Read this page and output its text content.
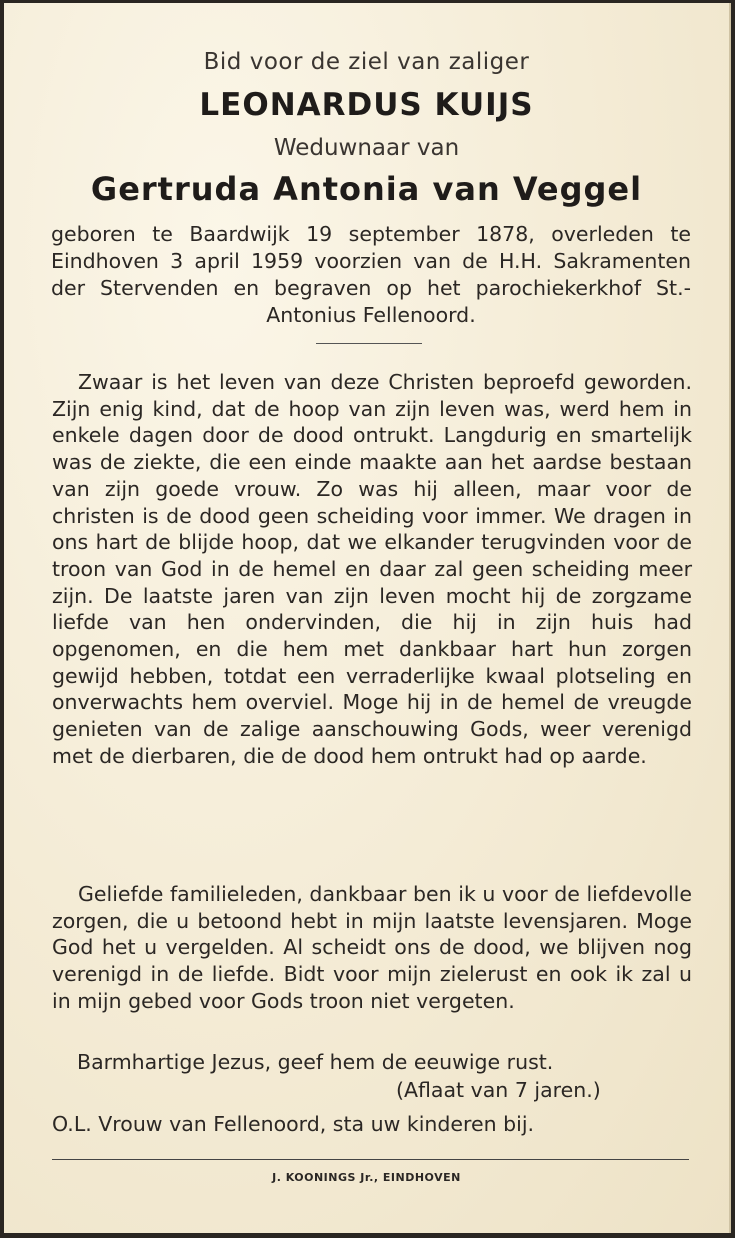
Bid voor de ziel van zaliger

LEONARDUS KUIJS

Weduwnaar van

Gertruda Antonia van Veggel

geboren te Baardwijk 19 september 1878, overleden te Eindhoven 3 april 1959 voorzien van de H.H. Sakramenten der Stervenden en begraven op het parochiekerkhof St.-Antonius Fellenoord.

Zwaar is het leven van deze Christen beproefd geworden. Zijn enig kind, dat de hoop van zijn leven was, werd hem in enkele dagen door de dood ontrukt. Langdurig en smartelijk was de ziekte, die een einde maakte aan het aardse bestaan van zijn goede vrouw. Zo was hij alleen, maar voor de christen is de dood geen scheiding voor immer. We dragen in ons hart de blijde hoop, dat we elkander terugvinden voor de troon van God in de hemel en daar zal geen scheiding meer zijn. De laatste jaren van zijn leven mocht hij de zorgzame liefde van hen ondervinden, die hij in zijn huis had opgenomen, en die hem met dankbaar hart hun zorgen gewijd hebben, totdat een verraderlijke kwaal plotseling en onverwachts hem overviel. Moge hij in de hemel de vreugde genieten van de zalige aanschouwing Gods, weer verenigd met de dierbaren, die de dood hem ontrukt had op aarde.

Geliefde familieleden, dankbaar ben ik u voor de liefdevolle zorgen, die u betoond hebt in mijn laatste levensjaren. Moge God het u vergelden. Al scheidt ons de dood, we blijven nog verenigd in de liefde. Bidt voor mijn zielerust en ook ik zal u in mijn gebed voor Gods troon niet vergeten.

Barmhartige Jezus, geef hem de eeuwige rust.

(Aflaat van 7 jaren.)

O.L. Vrouw van Fellenoord, sta uw kinderen bij.

J. KOONINGS Jr., EINDHOVEN
